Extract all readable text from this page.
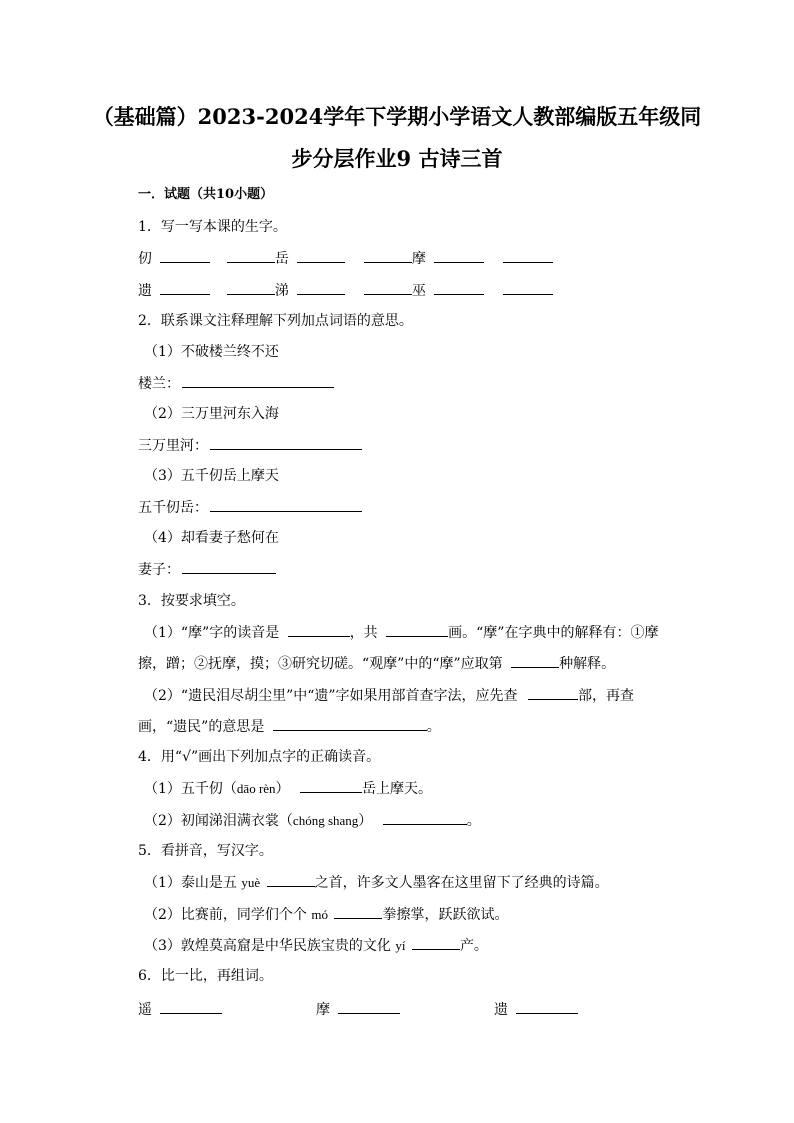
（基础篇）2023-2024学年下学期小学语文人教部编版五年级同
步分层作业9 古诗三首
一．试题（共10小题）
1．写一写本课的生字。
仞	岳	摩
遗	涕	巫
2．联系课文注释理解下列加点词语的意思。
（1）不破楼兰终不还
楼兰：
（2）三万里河东入海
三万里河：
（3）五千仞岳上摩天
五千仞岳：
（4）却看妻子愁何在
妻子：
3．按要求填空。
（1）“摩”字的读音是	，共	画。“摩”在字典中的解释有：①摩
擦，蹭；②抚摩，摸；③研究切磋。“观摩”中的“摩”应取第	种解释。
（2）“遗民泪尽胡尘里”中“遗”字如果用部首查字法，应先查	部，再查
画，“遗民”的意思是	。
4．用“√”画出下列加点字的正确读音。
（1）五千仞（dāo rèn）	岳上摩天。
（2）初闻涕泪满衣裳（chóng shang）	。
5．看拼音，写汉字。
（1）泰山是五 yuè	之首，许多文人墨客在这里留下了经典的诗篇。
（2）比赛前，同学们个个 mó	拳擦掌，跃跃欲试。
（3）敦煌莫高窟是中华民族宝贵的文化 yí	产。
6．比一比，再组词。
遥	摩	遗
